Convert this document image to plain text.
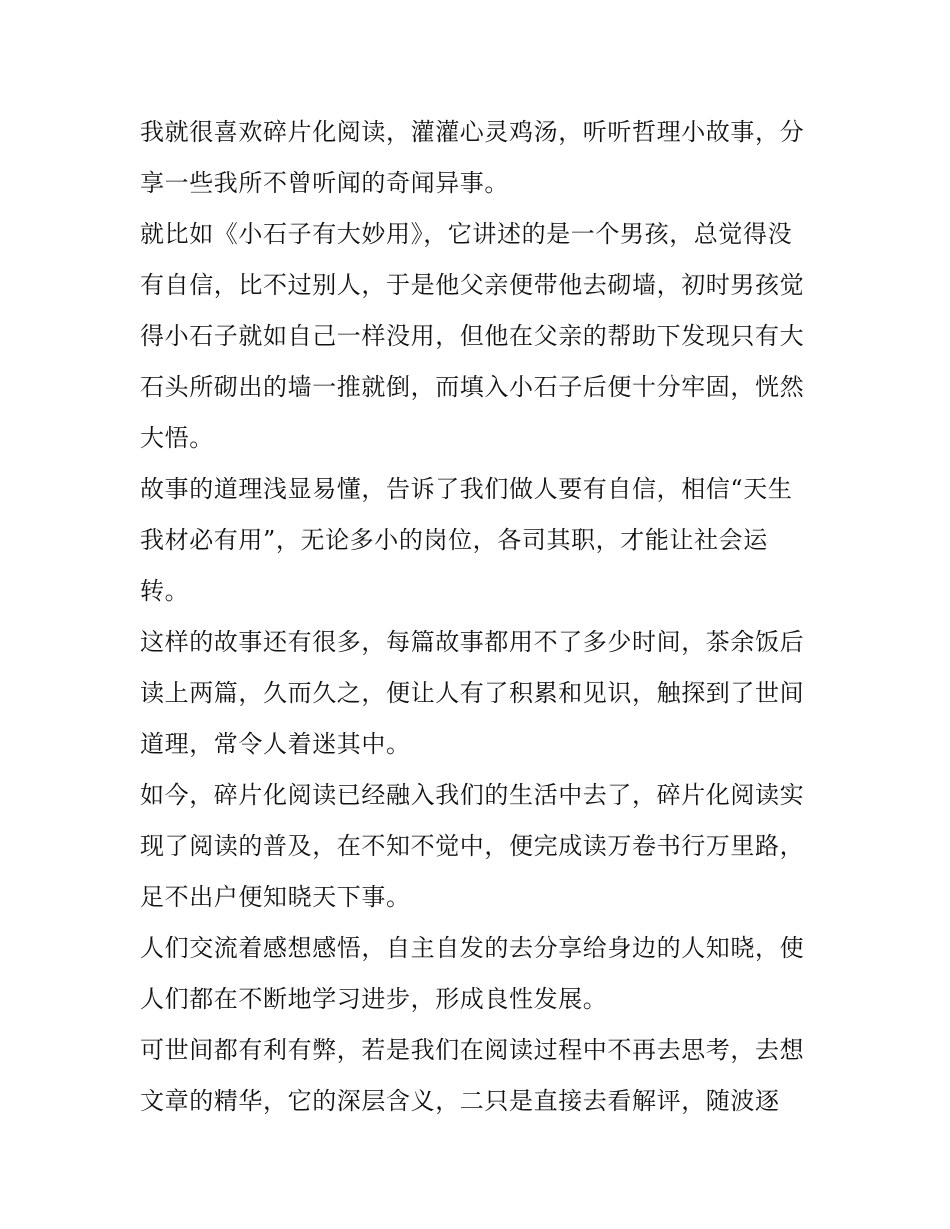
我就很喜欢碎片化阅读，灌灌心灵鸡汤，听听哲理小故事，分
享一些我所不曾听闻的奇闻异事。
就比如《小石子有大妙用》，它讲述的是一个男孩，总觉得没
有自信，比不过别人，于是他父亲便带他去砌墙，初时男孩觉
得小石子就如自己一样没用，但他在父亲的帮助下发现只有大
石头所砌出的墙一推就倒，而填入小石子后便十分牢固，恍然
大悟。
故事的道理浅显易懂，告诉了我们做人要有自信，相信“天生
我材必有用”，无论多小的岗位，各司其职，才能让社会运
转。
这样的故事还有很多，每篇故事都用不了多少时间，茶余饭后
读上两篇，久而久之，便让人有了积累和见识，触探到了世间
道理，常令人着迷其中。
如今，碎片化阅读已经融入我们的生活中去了，碎片化阅读实
现了阅读的普及，在不知不觉中，便完成读万卷书行万里路，
足不出户便知晓天下事。
人们交流着感想感悟，自主自发的去分享给身边的人知晓，使
人们都在不断地学习进步，形成良性发展。
可世间都有利有弊，若是我们在阅读过程中不再去思考，去想
文章的精华，它的深层含义，二只是直接去看解评，随波逐
